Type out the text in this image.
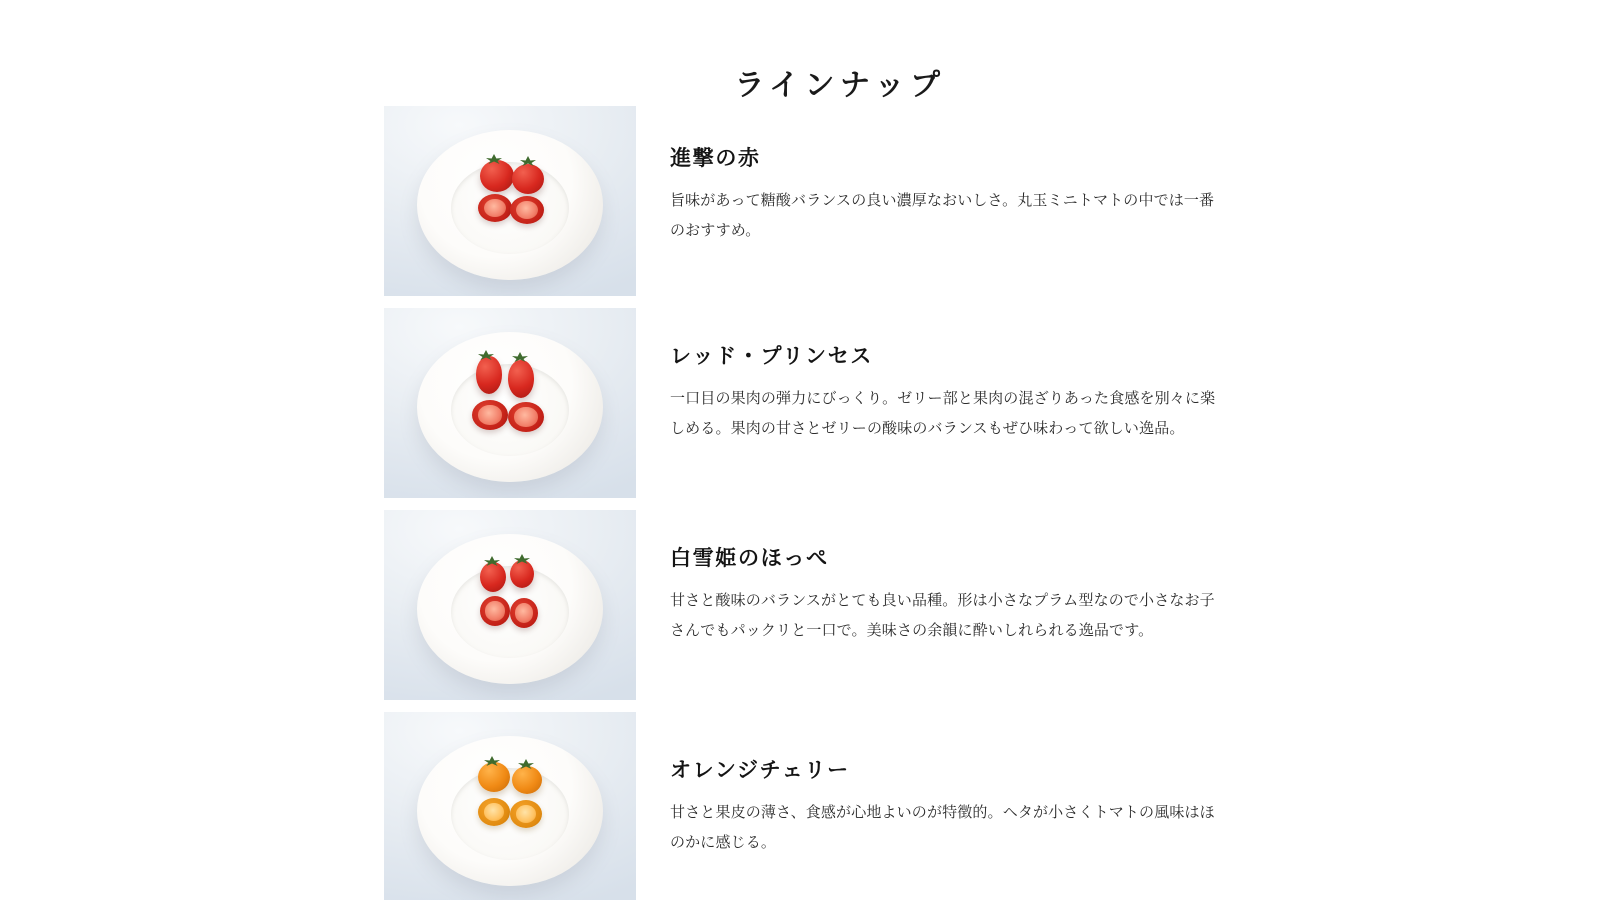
ラインナップ
進撃の赤

旨味があって糖酸バランスの良い濃厚なおいしさ。丸玉ミニトマトの中では一番のおすすめ。

レッド・プリンセス

一口目の果肉の弾力にびっくり。ゼリー部と果肉の混ざりあった食感を別々に楽しめる。果肉の甘さとゼリーの酸味のバランスもぜひ味わって欲しい逸品。

白雪姫のほっぺ

甘さと酸味のバランスがとても良い品種。形は小さなプラム型なので小さなお子さんでもパックリと一口で。美味さの余韻に酔いしれられる逸品です。

オレンジチェリー

甘さと果皮の薄さ、食感が心地よいのが特徴的。ヘタが小さくトマトの風味はほのかに感じる。
